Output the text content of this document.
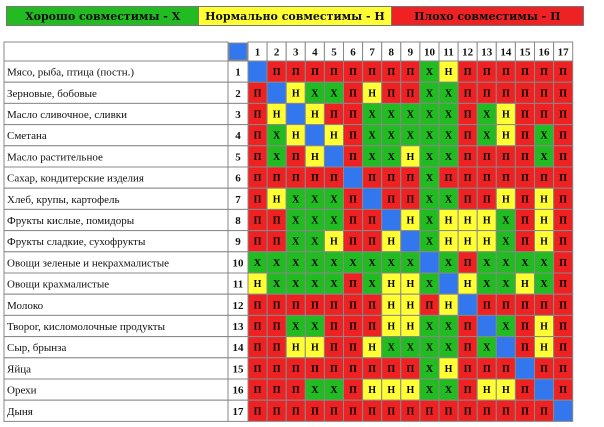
Хорошо совместимы - Х	Нормально совместимы - Н	Плохо совместимы - П
1 2 3 4 5 6 7 8 9 10 11 12 13 14 15 16 17
Мясо, рыба, птица (постн.)	1	П П П П П П П П Х Н П П П П П П
Зерновые, бобовые	2 П	Н Х Х П Н П П Х Х П П П П П П
Масло сливочное, сливки	3 П Н	Н П П Х Х Х Х Х П Х Н П П П
Сметана	4 П Х Н	Н П Х Х Х Х Х П Х Н П Х П
Масло растительное	5 П Х П Н	П Х Х Н Х Х П П П П Х П
Сахар, кондитерские изделия	6 П П П П П	П П П Х П П П П П П П
Хлеб, крупы, картофель	7 П Н Х Х Х П	П П Х Х П П Н П Н П
Фрукты кислые, помидоры	8 П П Х Х Х П П	Н Х Н Н Н Х П Н П
Фрукты сладкие, сухофрукты	9 П П Х Х Н П П Н	Х Н Н Н Х П Н П
Овощи зеленые и некрахмалистые	10 Х Х Х Х Х Х Х Х Х	Х П Х Х Х Х П
Овощи крахмалистые	11 Н Х Х Х Х П Х Н Н Х	Н Х Х Н Х П
Молоко	12 П П П П П П П Н Н П Н	П П П П П
Творог, кисломолочные продукты	13 П П Х Х П П П Н Н Х Х П	Х П Н П
Сыр, брынза	14 П П Н Н П П Н Х Х Х Х П Х	П Н П
Яйца	15 П П П П П П П П П Х Н П П П	П П
Орехи	16 П П П Х Х П Н Н Н Х Х П Н Н П	П
Дыня	17 П П П П П П П П П П П П П П П П
